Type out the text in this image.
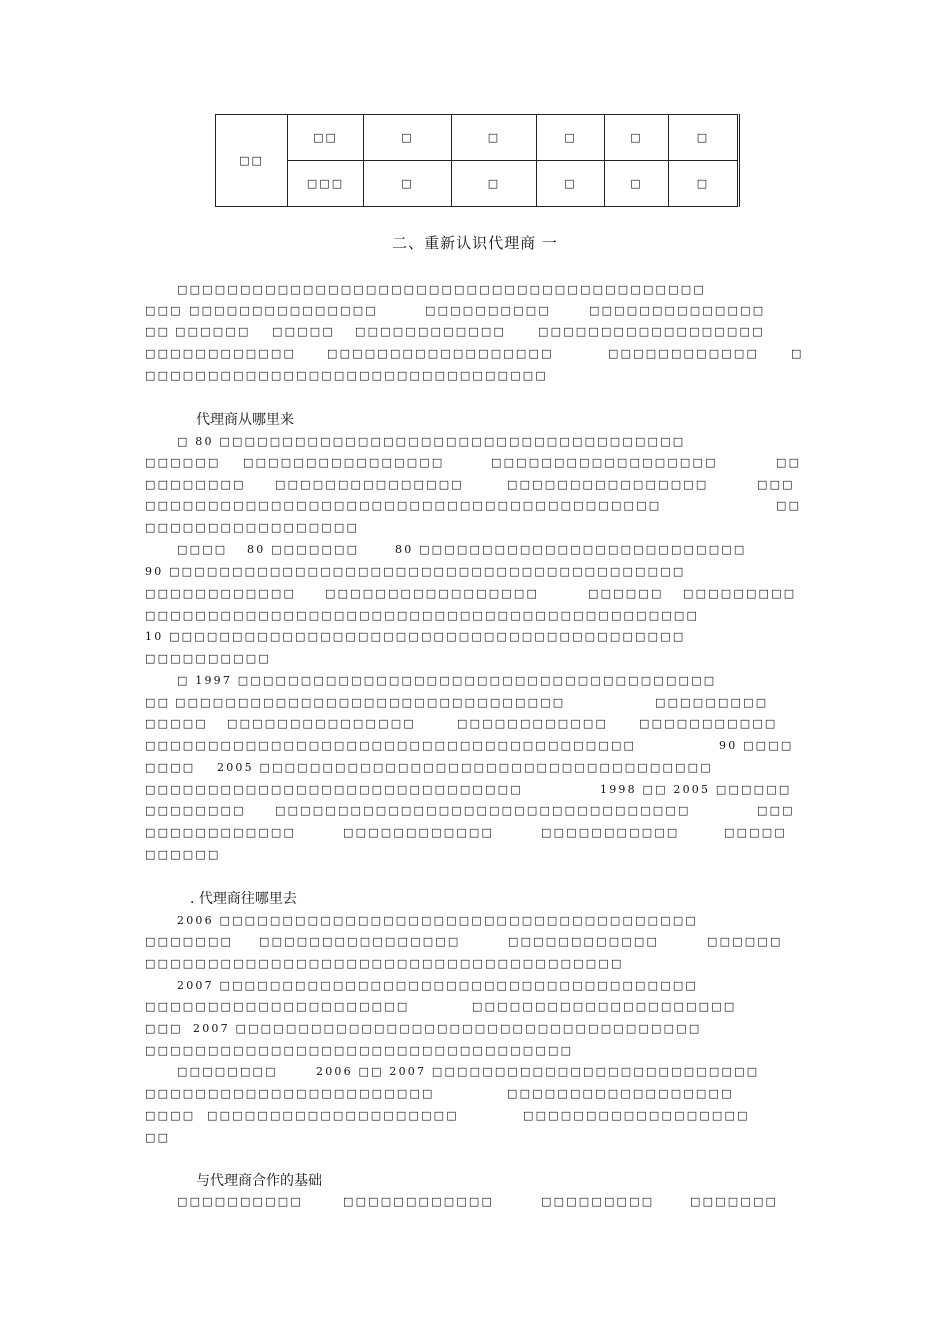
□□	□□	□	□	□	□	□
	□□□	□	□	□	□	□
二、重新认识代理商 一
代理商从哪里来
. 代理商往哪里去
与代理商合作的基础
□□□□□□□□□□□□□□□□□□□□□□□□□□□□□□□□□□□□□□□□□□
□□□ □□□□□□□□□□□□□□□	□□□□□□□□□□	□□□□□□□□□□□□□□
□□ □□□□□□ □□□□□ □□□□□□□□□□□□	□□□□□□□□□□□□□□□□□□
□□□□□□□□□□□□	□□□□□□□□□□□□□□□□□□	□□□□□□□□□□□□	□
□□□□□□□□□□□□□□□□□□□□□□□□□□□□□□□□
□ 80 □□□□□□□□□□□□□□□□□□□□□□□□□□□□□□□□□□□□□
□□□□□□ □□□□□□□□□□□□□□□□	□□□□□□□□□□□□□□□□□□	□□
□□□□□□□□	□□□□□□□□□□□□□□□	□□□□□□□□□□□□□□□□	□□□
□□□□□□□□□□□□□□□□□□□□□□□□□□□□□□□□□□□□□□□□□	□□
□□□□□□□□□□□□□□□□□
□□□□ 80 □□□□□□□	80 □□□□□□□□□□□□□□□□□□□□□□□□□□
90 □□□□□□□□□□□□□□□□□□□□□□□□□□□□□□□□□□□□□□□□□
□□□□□□□□□□□□	□□□□□□□□□□□□□□□□□	□□□□□□ □□□□□□□□□
□□□□□□□□□□□□□□□□□□□□□□□□□□□□□□□□□□□□□□□□□□□□
10 □□□□□□□□□□□□□□□□□□□□□□□□□□□□□□□□□□□□□□□□□
□□□□□□□□□□
□ 1997 □□□□□□□□□□□□□□□□□□□□□□□□□□□□□□□□□□□□□□
□□ □□□□□□□□□□□□□□□□□□□□□□□□□□□□□□□	□□□□□□□□□
□□□□□ □□□□□□□□□□□□□□□	□□□□□□□□□□□□	□□□□□□□□□□□
□□□□□□□□□□□□□□□□□□□□□□□□□□□□□□□□□□□□□□□	90 □□□□
□□□□ 2005 □□□□□□□□□□□□□□□□□□□□□□□□□□□□□□□□□□□□
□□□□□□□□□□□□□□□□□□□□□□□□□□□□□□	1998 □□ 2005 □□□□□□
□□□□□□□□	□□□□□□□□□□□□□□□□□□□□□□□□□□□□□□□□□	□□□
□□□□□□□□□□□□	□□□□□□□□□□□□	□□□□□□□□□□□	□□□□□
□□□□□□
2006 □□□□□□□□□□□□□□□□□□□□□□□□□□□□□□□□□□□□□□
□□□□□□□ □□□□□□□□□□□□□□□□	□□□□□□□□□□□□	□□□□□□
□□□□□□□□□□□□□□□□□□□□□□□□□□□□□□□□□□□□□□
2007 □□□□□□□□□□□□□□□□□□□□□□□□□□□□□□□□□□□□□□
□□□□□□□□□□□□□□□□□□□□□	□□□□□□□□□□□□□□□□□□□□□
□□□ 2007 □□□□□□□□□□□□□□□□□□□□□□□□□□□□□□□□□□□□□
□□□□□□□□□□□□□□□□□□□□□□□□□□□□□□□□□□
□□□□□□□□	2006 □□ 2007 □□□□□□□□□□□□□□□□□□□□□□□□□□
□□□□□□□□□□□□□□□□□□□□□□□	□□□□□□□□□□□□□□□□□□
□□□□ □□□□□□□□□□□□□□□□□□□□	□□□□□□□□□□□□□□□□□□
□□
□□□□□□□□□□	□□□□□□□□□□□□	□□□□□□□□□	□□□□□□□
